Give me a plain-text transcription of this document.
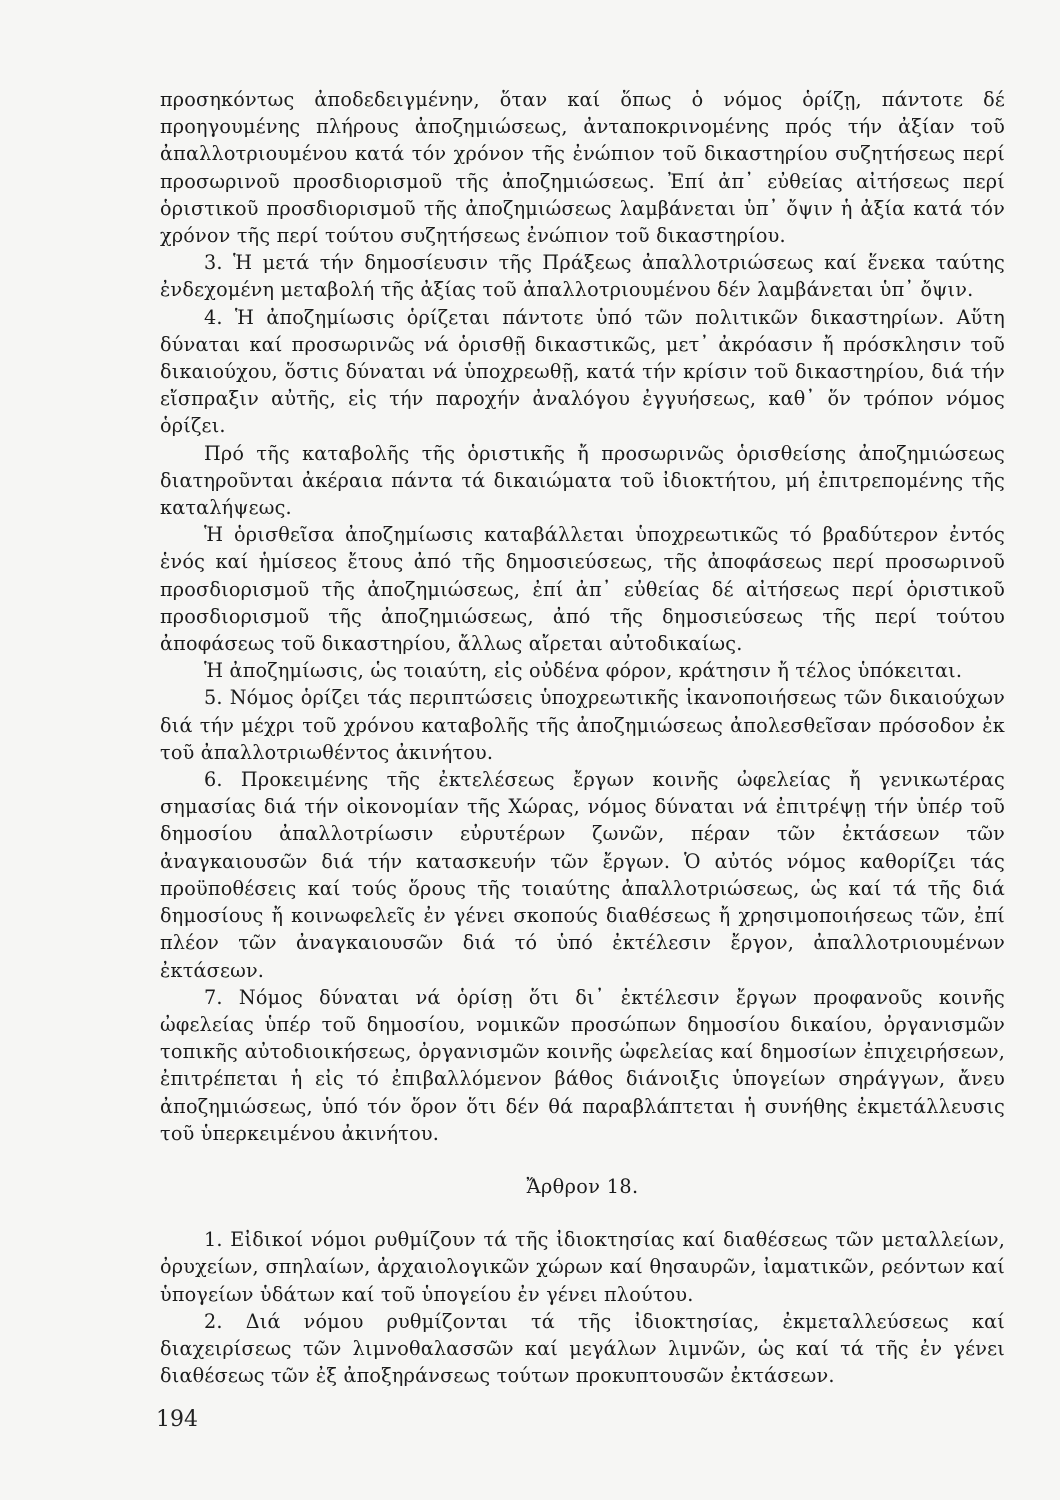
προσηκόντως ἀποδεδειγμένην, ὅταν καί ὅπως ὁ νόμος ὁρίζῃ, πάντοτε δέ προηγουμένης πλήρους ἀποζημιώσεως, ἀνταποκρινομένης πρός τήν ἀξίαν τοῦ ἀπαλλοτριουμένου κατά τόν χρόνον τῆς ἐνώπιον τοῦ δικαστηρίου συζητήσεως περί προσωρινοῦ προσδιορισμοῦ τῆς ἀποζημιώσεως. Ἐπί ἀπ᾽ εὐθείας αἰτήσεως περί ὁριστικοῦ προσδιορισμοῦ τῆς ἀποζημιώσεως λαμβάνεται ὑπ᾽ ὄψιν ἡ ἀξία κατά τόν χρόνον τῆς περί τούτου συζητήσεως ἐνώπιον τοῦ δικαστηρίου.

3. Ἡ μετά τήν δημοσίευσιν τῆς Πράξεως ἀπαλλοτριώσεως καί ἕνεκα ταύτης ἐνδεχομένη μεταβολή τῆς ἀξίας τοῦ ἀπαλλοτριουμένου δέν λαμβάνεται ὑπ᾽ ὄψιν.

4. Ἡ ἀποζημίωσις ὁρίζεται πάντοτε ὑπό τῶν πολιτικῶν δικαστηρίων. Αὕτη δύναται καί προσωρινῶς νά ὁρισθῇ δικαστικῶς, μετ᾽ ἀκρόασιν ἤ πρόσκλησιν τοῦ δικαιούχου, ὅστις δύναται νά ὑποχρεωθῇ, κατά τήν κρίσιν τοῦ δικαστηρίου, διά τήν εἴσπραξιν αὐτῆς, εἰς τήν παροχήν ἀναλόγου ἐγγυήσεως, καθ᾽ ὅν τρόπον νόμος ὁρίζει.

Πρό τῆς καταβολῆς τῆς ὁριστικῆς ἤ προσωρινῶς ὁρισθείσης ἀποζημιώσεως διατηροῦνται ἀκέραια πάντα τά δικαιώματα τοῦ ἰδιοκτήτου, μή ἐπιτρεπομένης τῆς καταλήψεως.

Ἡ ὁρισθεῖσα ἀποζημίωσις καταβάλλεται ὑποχρεωτικῶς τό βραδύτερον ἐντός ἑνός καί ἡμίσεος ἔτους ἀπό τῆς δημοσιεύσεως, τῆς ἀποφάσεως περί προσωρινοῦ προσδιορισμοῦ τῆς ἀποζημιώσεως, ἐπί ἀπ᾽ εὐθείας δέ αἰτήσεως περί ὁριστικοῦ προσδιορισμοῦ τῆς ἀποζημιώσεως, ἀπό τῆς δημοσιεύσεως τῆς περί τούτου ἀποφάσεως τοῦ δικαστηρίου, ἄλλως αἴρεται αὐτοδικαίως.

Ἡ ἀποζημίωσις, ὡς τοιαύτη, εἰς οὐδένα φόρον, κράτησιν ἤ τέλος ὑπόκειται.

5. Νόμος ὁρίζει τάς περιπτώσεις ὑποχρεωτικῆς ἱκανοποιήσεως τῶν δικαιούχων διά τήν μέχρι τοῦ χρόνου καταβολῆς τῆς ἀποζημιώσεως ἀπολεσθεῖσαν πρόσοδον ἐκ τοῦ ἀπαλλοτριωθέντος ἀκινήτου.

6. Προκειμένης τῆς ἐκτελέσεως ἔργων κοινῆς ὠφελείας ἤ γενικωτέρας σημασίας διά τήν οἰκονομίαν τῆς Χώρας, νόμος δύναται νά ἐπιτρέψῃ τήν ὑπέρ τοῦ δημοσίου ἀπαλλοτρίωσιν εὐρυτέρων ζωνῶν, πέραν τῶν ἐκτάσεων τῶν ἀναγκαιουσῶν διά τήν κατασκευήν τῶν ἔργων. Ὁ αὐτός νόμος καθορίζει τάς προϋποθέσεις καί τούς ὅρους τῆς τοιαύτης ἀπαλλοτριώσεως, ὡς καί τά τῆς διά δημοσίους ἤ κοινωφελεῖς ἐν γένει σκοπούς διαθέσεως ἤ χρησιμοποιήσεως τῶν, ἐπί πλέον τῶν ἀναγκαιουσῶν διά τό ὑπό ἐκτέλεσιν ἔργον, ἀπαλλοτριουμένων ἐκτάσεων.

7. Νόμος δύναται νά ὁρίσῃ ὅτι δι᾽ ἐκτέλεσιν ἔργων προφανοῦς κοινῆς ὠφελείας ὑπέρ τοῦ δημοσίου, νομικῶν προσώπων δημοσίου δικαίου, ὀργανισμῶν τοπικῆς αὐτοδιοικήσεως, ὀργανισμῶν κοινῆς ὠφελείας καί δημοσίων ἐπιχειρήσεων, ἐπιτρέπεται ἡ εἰς τό ἐπιβαλλόμενον βάθος διάνοιξις ὑπογείων σηράγγων, ἄνευ ἀποζημιώσεως, ὑπό τόν ὅρον ὅτι δέν θά παραβλάπτεται ἡ συνήθης ἐκμετάλλευσις τοῦ ὑπερκειμένου ἀκινήτου.

Ἄρθρον 18.

1. Εἰδικοί νόμοι ρυθμίζουν τά τῆς ἰδιοκτησίας καί διαθέσεως τῶν μεταλλείων, ὀρυχείων, σπηλαίων, ἀρχαιολογικῶν χώρων καί θησαυρῶν, ἰαματικῶν, ρεόντων καί ὑπογείων ὑδάτων καί τοῦ ὑπογείου ἐν γένει πλούτου.

2. Διά νόμου ρυθμίζονται τά τῆς ἰδιοκτησίας, ἐκμεταλλεύσεως καί διαχειρίσεως τῶν λιμνοθαλασσῶν καί μεγάλων λιμνῶν, ὡς καί τά τῆς ἐν γένει διαθέσεως τῶν ἐξ ἀποξηράνσεως τούτων προκυπτουσῶν ἐκτάσεων.

194
